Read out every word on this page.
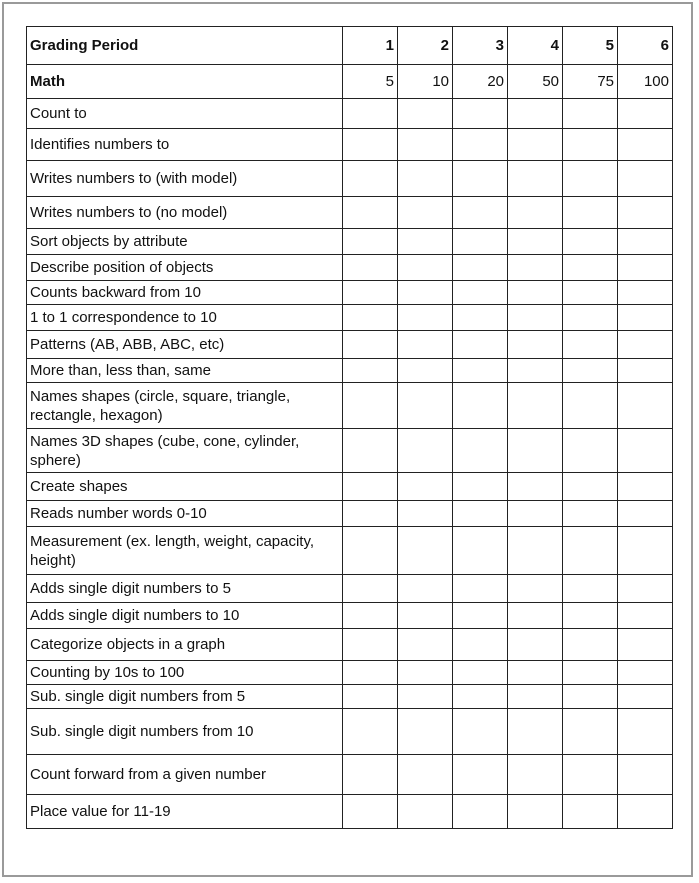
Grading Period	1	2	3	4	5	6
Math	5	10	20	50	75	100
Count to						
Identifies numbers to						
Writes numbers to (with model)						
Writes numbers to (no model)						
Sort objects by attribute						
Describe position of objects						
Counts backward from 10						
1 to 1 correspondence to 10						
Patterns (AB, ABB, ABC, etc)						
More than, less than, same						
Names shapes (circle, square, triangle, rectangle, hexagon)						
Names 3D shapes (cube, cone, cylinder, sphere)						
Create shapes						
Reads number words 0-10						
Measurement (ex. length, weight, capacity, height)						
Adds single digit numbers to 5						
Adds single digit numbers to 10						
Categorize objects in a graph						
Counting by 10s to 100						
Sub. single digit numbers from 5						
Sub. single digit numbers from 10						
Count forward from a given number						
Place value for 11-19						
